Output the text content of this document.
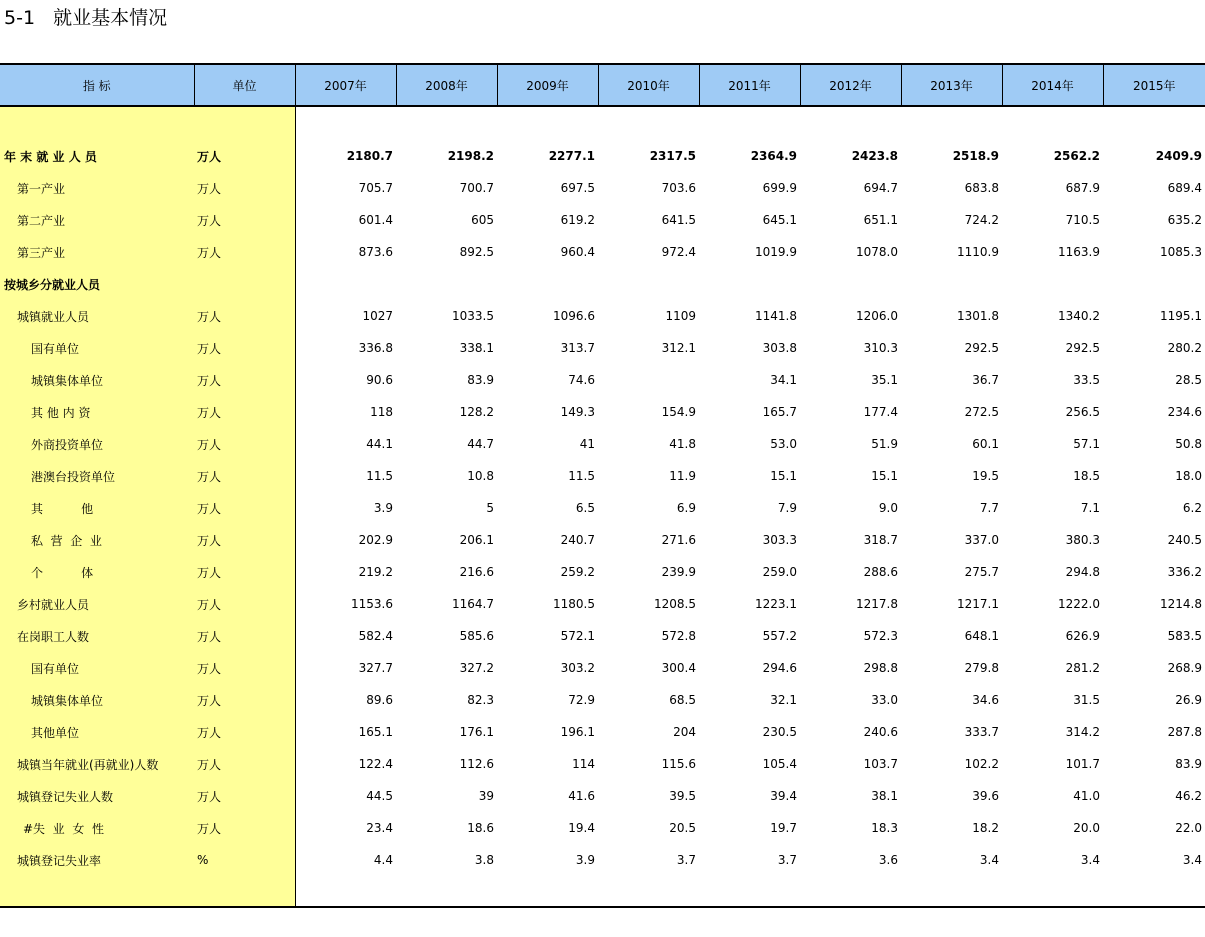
5-1   就业基本情况
指 标	单位	2007年	2008年	2009年	2010年	2011年	2012年	2013年	2014年	2015年

年 末 就 业 人 员	万人	2180.7	2198.2	2277.1	2317.5	2364.9	2423.8	2518.9	2562.2	2409.9
第一产业	万人	705.7	700.7	697.5	703.6	699.9	694.7	683.8	687.9	689.4
第二产业	万人	601.4	605	619.2	641.5	645.1	651.1	724.2	710.5	635.2
第三产业	万人	873.6	892.5	960.4	972.4	1019.9	1078.0	1110.9	1163.9	1085.3
按城乡分就业人员										
城镇就业人员	万人	1027	1033.5	1096.6	1109	1141.8	1206.0	1301.8	1340.2	1195.1
国有单位	万人	336.8	338.1	313.7	312.1	303.8	310.3	292.5	292.5	280.2
城镇集体单位	万人	90.6	83.9	74.6		34.1	35.1	36.7	33.5	28.5
其 他 内 资	万人	118	128.2	149.3	154.9	165.7	177.4	272.5	256.5	234.6
外商投资单位	万人	44.1	44.7	41	41.8	53.0	51.9	60.1	57.1	50.8
港澳台投资单位	万人	11.5	10.8	11.5	11.9	15.1	15.1	19.5	18.5	18.0
其          他	万人	3.9	5	6.5	6.9	7.9	9.0	7.7	7.1	6.2
私  营  企  业	万人	202.9	206.1	240.7	271.6	303.3	318.7	337.0	380.3	240.5
个          体	万人	219.2	216.6	259.2	239.9	259.0	288.6	275.7	294.8	336.2
乡村就业人员	万人	1153.6	1164.7	1180.5	1208.5	1223.1	1217.8	1217.1	1222.0	1214.8
在岗职工人数	万人	582.4	585.6	572.1	572.8	557.2	572.3	648.1	626.9	583.5
国有单位	万人	327.7	327.2	303.2	300.4	294.6	298.8	279.8	281.2	268.9
城镇集体单位	万人	89.6	82.3	72.9	68.5	32.1	33.0	34.6	31.5	26.9
其他单位	万人	165.1	176.1	196.1	204	230.5	240.6	333.7	314.2	287.8
城镇当年就业(再就业)人数	万人	122.4	112.6	114	115.6	105.4	103.7	102.2	101.7	83.9
城镇登记失业人数	万人	44.5	39	41.6	39.5	39.4	38.1	39.6	41.0	46.2
#失  业  女  性	万人	23.4	18.6	19.4	20.5	19.7	18.3	18.2	20.0	22.0
城镇登记失业率	%	4.4	3.8	3.9	3.7	3.7	3.6	3.4	3.4	3.4
